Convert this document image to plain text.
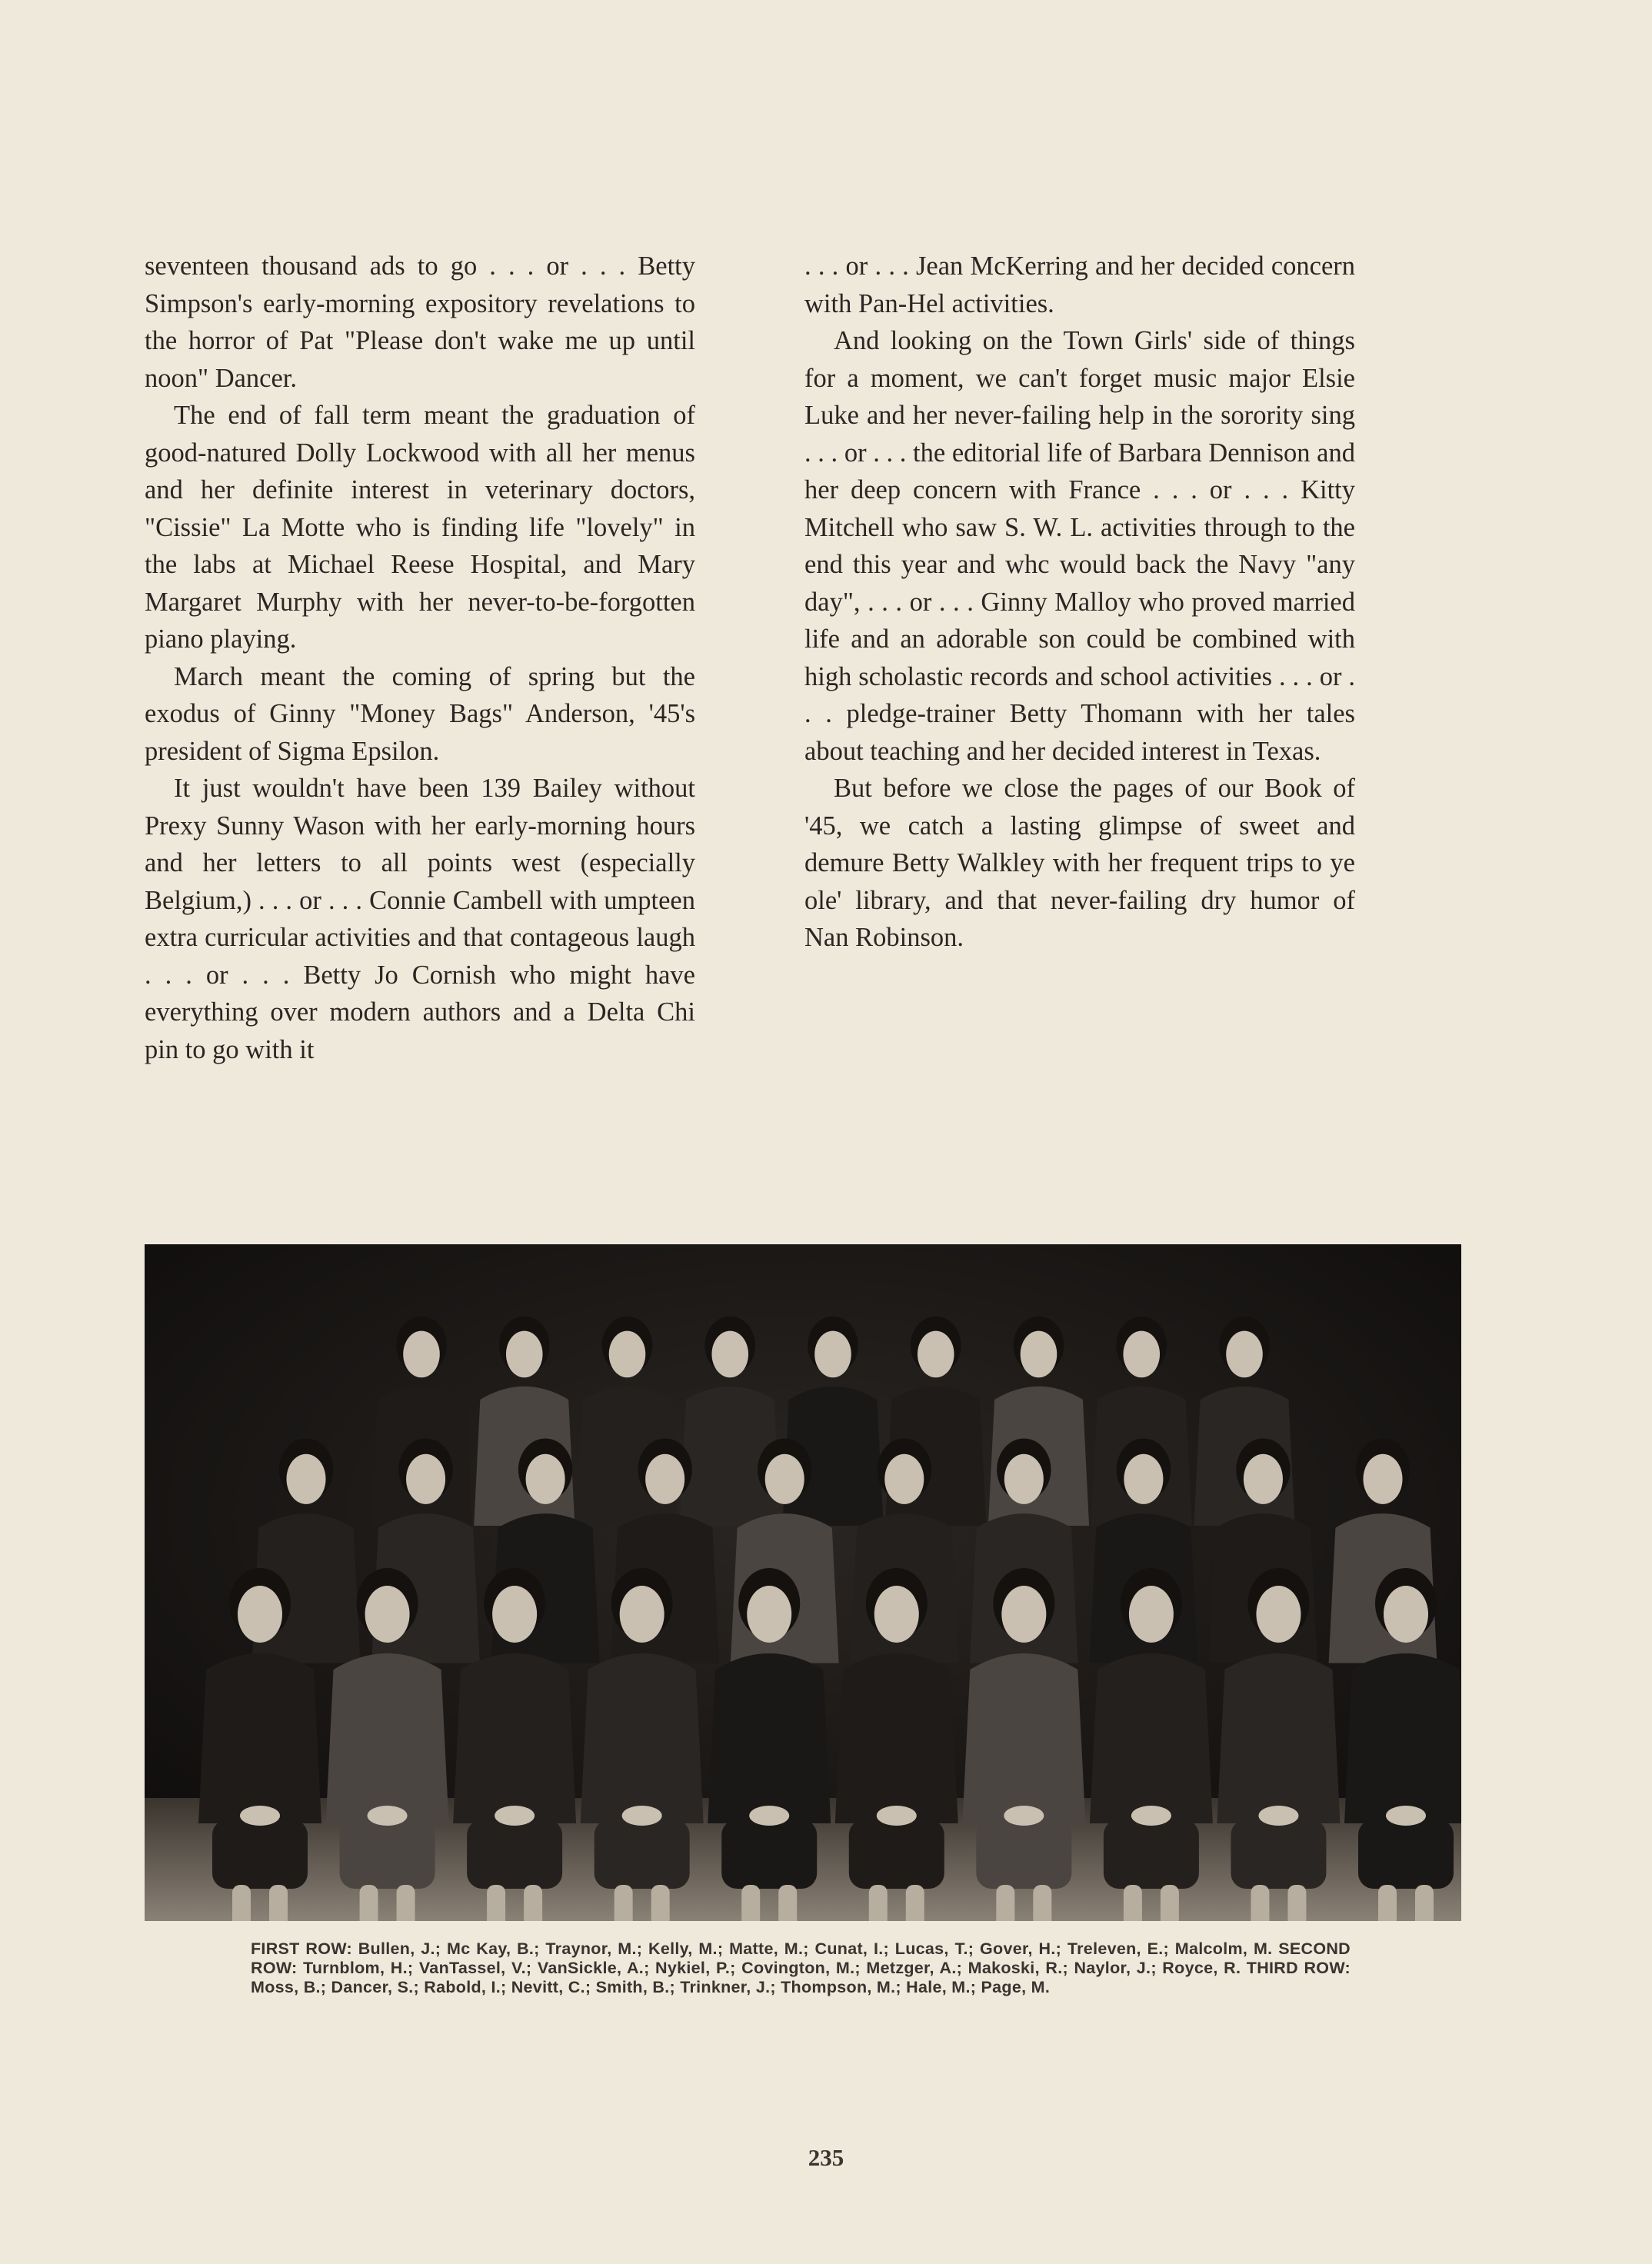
seventeen thousand ads to go . . . or . . . Betty Simpson's early-morning expository revelations to the horror of Pat "Please don't wake me up until noon" Dancer.

The end of fall term meant the graduation of good-natured Dolly Lockwood with all her menus and her definite interest in veterinary doctors, "Cissie" La Motte who is finding life "lovely" in the labs at Michael Reese Hospital, and Mary Margaret Murphy with her never-to-be-forgotten piano playing.

March meant the coming of spring but the exodus of Ginny "Money Bags" Anderson, '45's president of Sigma Epsilon.

It just wouldn't have been 139 Bailey without Prexy Sunny Wason with her early-morning hours and her letters to all points west (especially Belgium,) . . . or . . . Connie Cambell with umpteen extra curricular activities and that contageous laugh . . . or . . . Betty Jo Cornish who might have everything over modern authors and a Delta Chi pin to go with it

. . . or . . . Jean McKerring and her decided concern with Pan-Hel activities.

And looking on the Town Girls' side of things for a moment, we can't forget music major Elsie Luke and her never-failing help in the sorority sing . . . or . . . the editorial life of Barbara Dennison and her deep concern with France . . . or . . . Kitty Mitchell who saw S. W. L. activities through to the end this year and whc would back the Navy "any day", . . . or . . . Ginny Malloy who proved married life and an adorable son could be combined with high scholastic records and school activities . . . or . . . pledge-trainer Betty Thomann with her tales about teaching and her decided interest in Texas.

But before we close the pages of our Book of '45, we catch a lasting glimpse of sweet and demure Betty Walkley with her frequent trips to ye ole' library, and that never-failing dry humor of Nan Robinson.

FIRST ROW: Bullen, J.; Mc Kay, B.; Traynor, M.; Kelly, M.; Matte, M.; Cunat, I.; Lucas, T.; Gover, H.; Treleven, E.; Malcolm, M. SECOND ROW: Turnblom, H.; VanTassel, V.; VanSickle, A.; Nykiel, P.; Covington, M.; Metzger, A.; Makoski, R.; Naylor, J.; Royce, R. THIRD ROW: Moss, B.; Dancer, S.; Rabold, I.; Nevitt, C.; Smith, B.; Trinkner, J.; Thompson, M.; Hale, M.; Page, M.
235
